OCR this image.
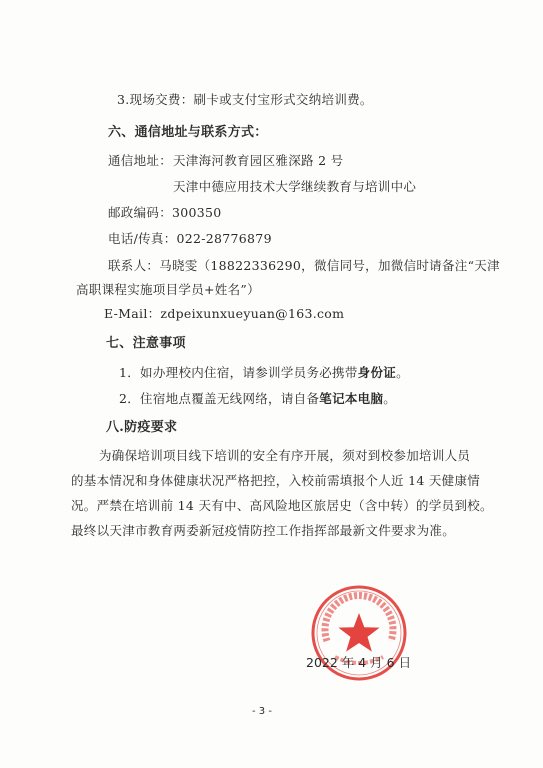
3.现场交费：刷卡或支付宝形式交纳培训费。
六、通信地址与联系方式：
通信地址： 天津海河教育园区雅深路 2 号
天津中德应用技术大学继续教育与培训中心
邮政编码：300350
电话/传真：022-28776879
联系人：马晓雯（18822336290，微信同号，加微信时请备注“天津
高职课程实施项目学员+姓名”）
E-Mail：zdpeixunxueyuan@163.com
七、注意事项
1．如办理校内住宿，请参训学员务必携带身份证。
2．住宿地点覆盖无线网络，请自备笔记本电脑。
八.防疫要求
为确保培训项目线下培训的安全有序开展，须对到校参加培训人员
的基本情况和身体健康状况严格把控，入校前需填报个人近 14 天健康情
况。严禁在培训前 14 天有中、高风险地区旅居史（含中转）的学员到校。
最终以天津市教育两委新冠疫情防控工作指挥部最新文件要求为准。
2022 年 4 月 6 日
- 3 -
